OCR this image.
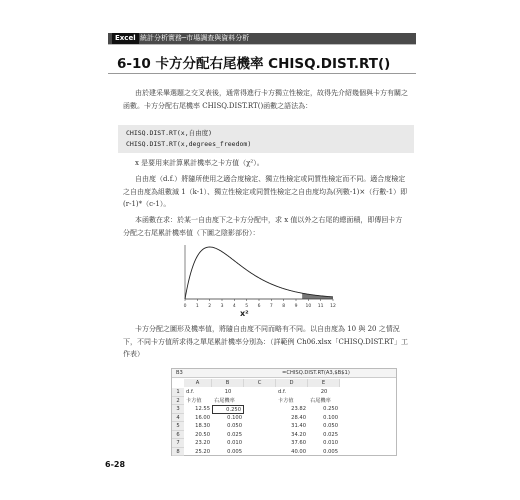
Excel 統計分析實務─市場調查與資料分析
6-10 卡方分配右尾機率 CHISQ.DIST.RT()

由於建采畢選題之交叉表後，通常得進行卡方獨立性檢定，故得先介紹幾個與卡方有關之函數。卡方分配右尾機率 CHISQ.DIST.RT()函數之語法為：

CHISQ.DIST.RT(x,自由度)
CHISQ.DIST.RT(x,degrees_freedom)

x 是要用來計算累計機率之卡方值（χ²）。

自由度（d.f.）將隨所使用之適合度檢定、獨立性檢定或同質性檢定而不同。適合度檢定之自由度為組數減 1（k-1）、獨立性檢定或同質性檢定之自由度均為(列數-1)×（行數-1）即(r-1)*（c-1）。

本函數在求：於某一自由度下之卡方分配中，求 x 值以外之右尾的總面積，即傳回卡方分配之右尾累計機率值（下圖之陰影部份）：

0 1 2 3 4 5 6 7 8 9 10 11 12
x²

卡方分配之圖形及機率值，將隨自由度不同而略有不同。以自由度為 10 與 20 之情況下，不同卡方值所求得之單尾累計機率分別為：（詳範例 Ch06.xlsx「CHISQ.DIST.RT」工作表）

B3	=CHISQ.DIST.RT(A3,$B$1)
A	B	C	D	E
1	d.f.	10	d.f.	20
2	卡方值	右尾機率	卡方值	右尾機率
3	12.55	0.250	23.82	0.250
4	16.00	0.100	28.40	0.100
5	18.30	0.050	31.40	0.050
6	20.50	0.025	34.20	0.025
7	23.20	0.010	37.60	0.010
8	25.20	0.005	40.00	0.005
6-28
